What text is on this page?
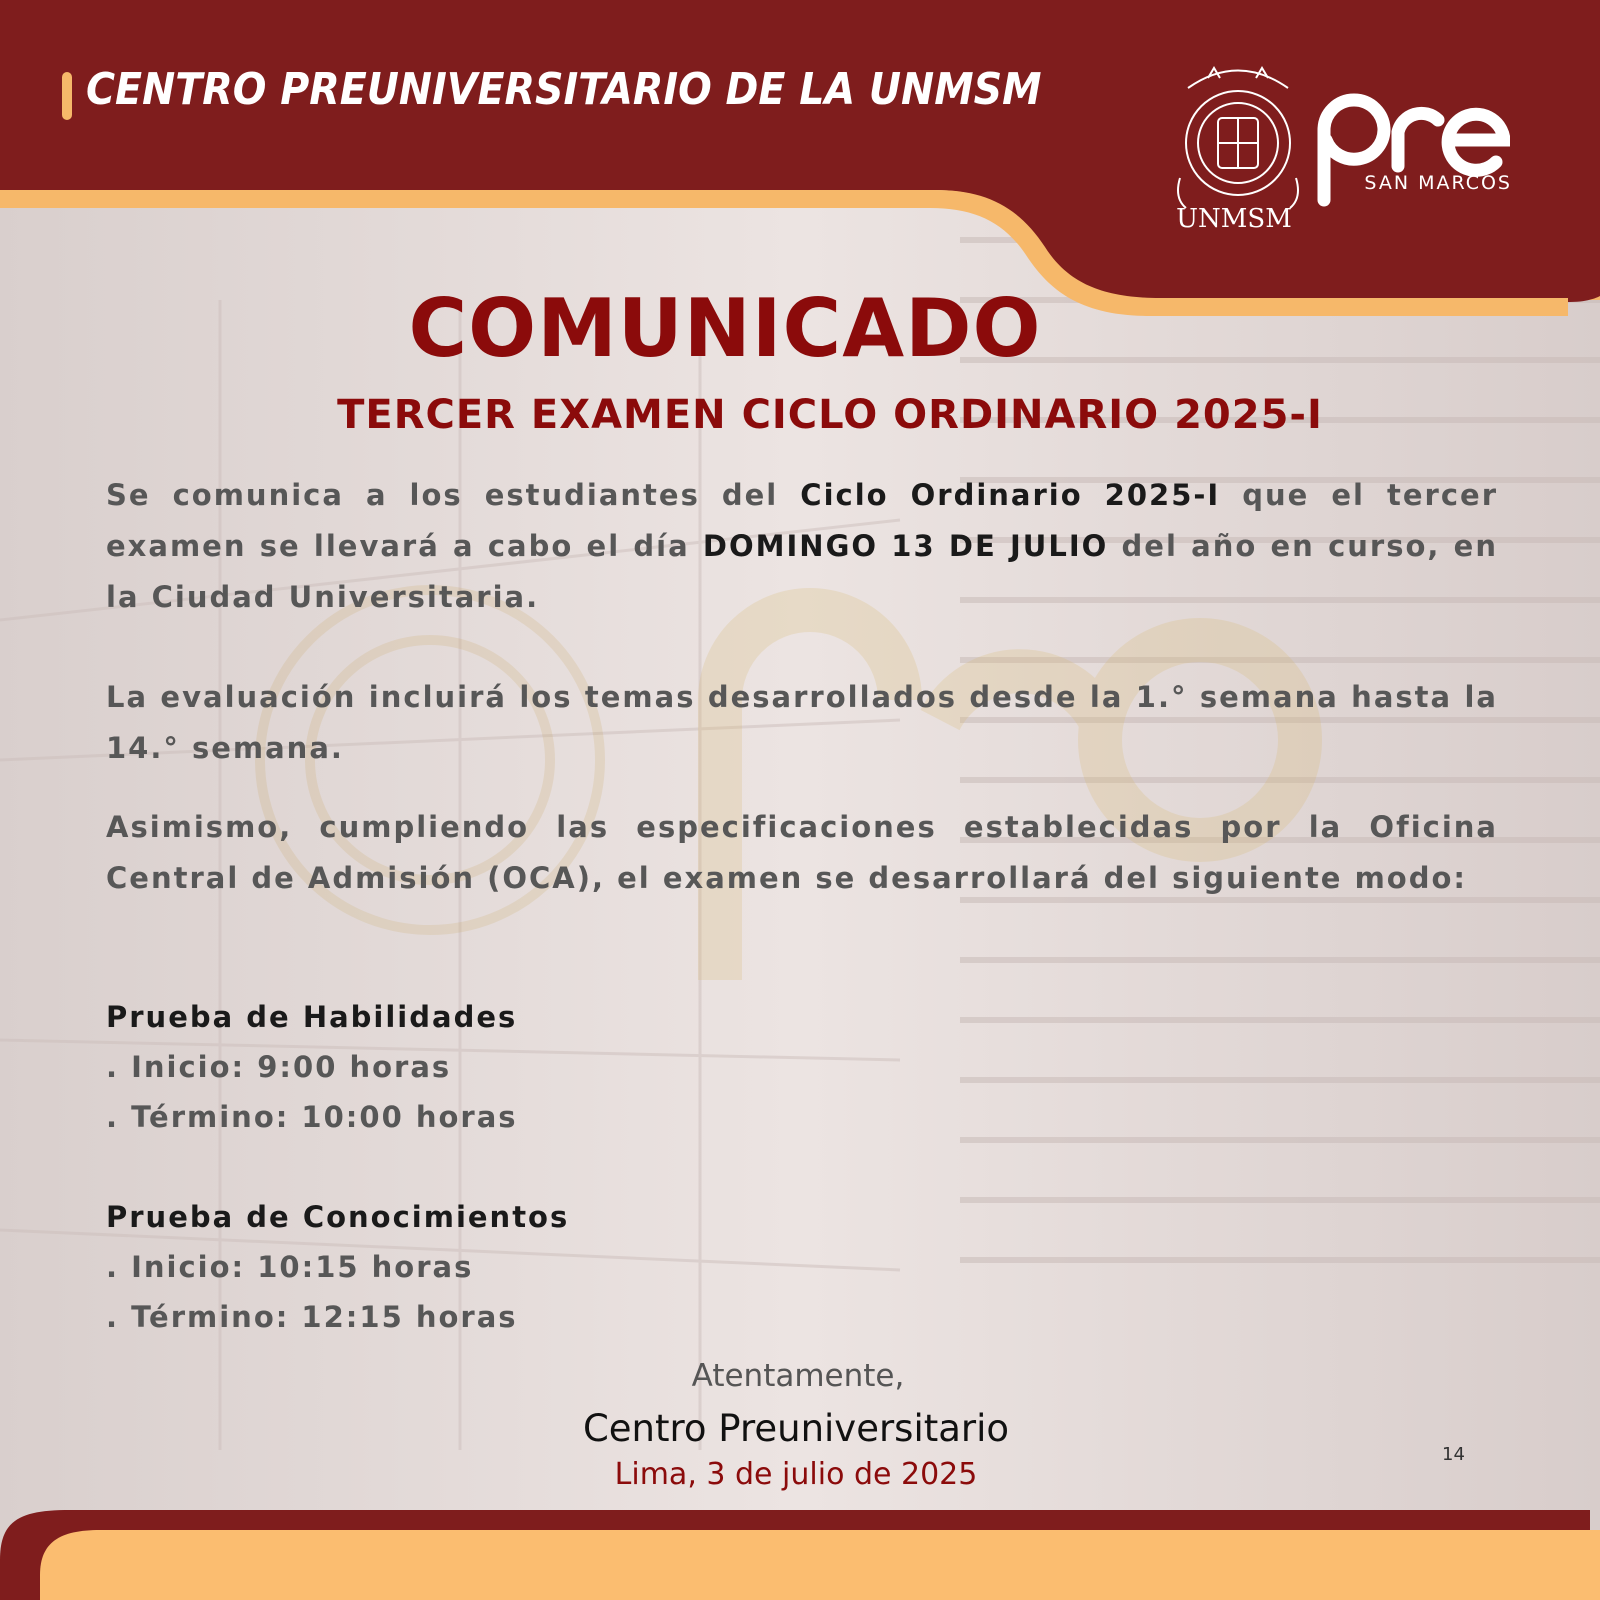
CENTRO PREUNIVERSITARIO DE LA UNMSM
UNMSM
SAN MARCOS
COMUNICADO
TERCER EXAMEN CICLO ORDINARIO 2025-I

Se comunica a los estudiantes del Ciclo Ordinario 2025-I que el tercer examen se llevará a cabo el día DOMINGO 13 DE JULIO del año en curso, en la Ciudad Universitaria.

La evaluación incluirá los temas desarrollados desde la 1.° semana hasta la 14.° semana.

Asimismo, cumpliendo las especificaciones establecidas por la Oficina Central de Admisión (OCA), el examen se desarrollará del siguiente modo:

Prueba de Habilidades

. Inicio: 9:00 horas

. Término: 10:00 horas

Prueba de Conocimientos

. Inicio: 10:15 horas

. Término: 12:15 horas

Atentamente,

Centro Preuniversitario

Lima, 3 de julio de 2025

14
